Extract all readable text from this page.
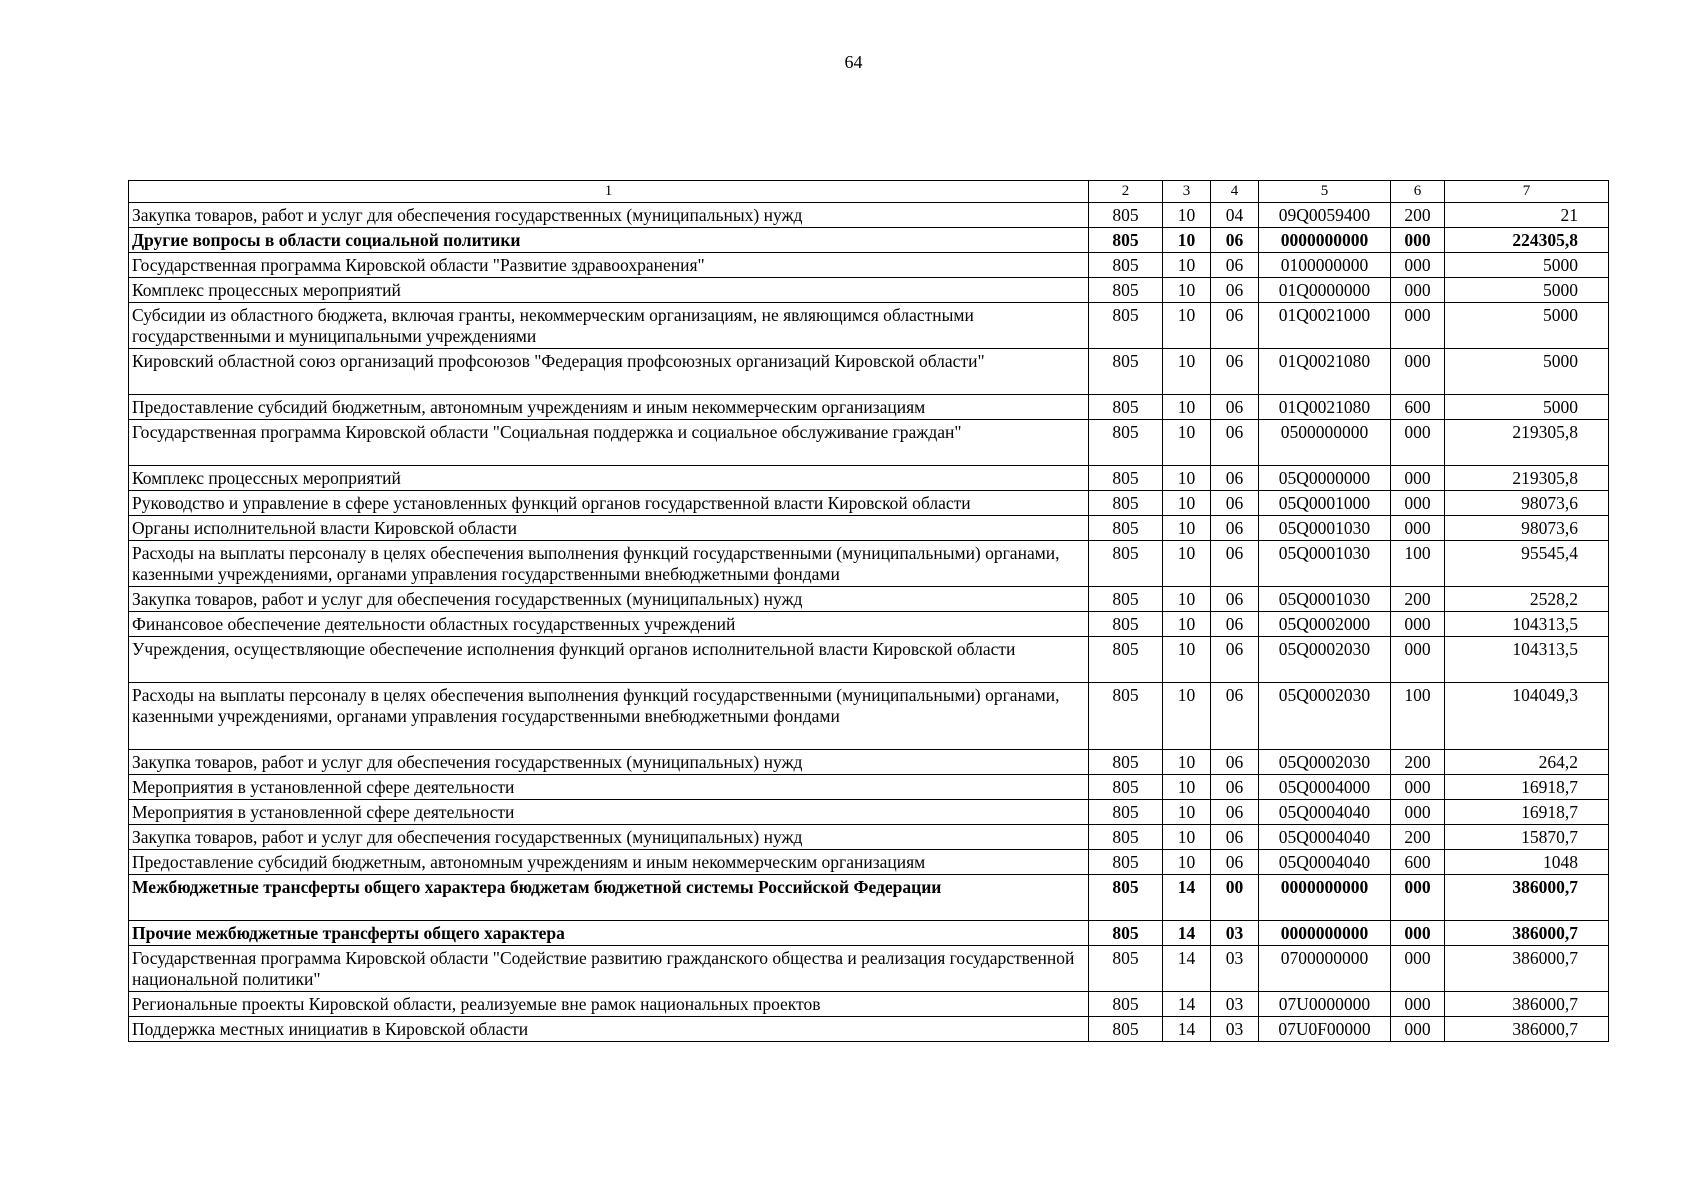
64
1	2	3	4	5	6	7
Закупка товаров, работ и услуг для обеспечения государственных (муниципальных) нужд	805	10	04	09Q0059400	200	21
Другие вопросы в области социальной политики	805	10	06	0000000000	000	224305,8
Государственная программа Кировской области "Развитие здравоохранения"	805	10	06	0100000000	000	5000
Комплекс процессных мероприятий	805	10	06	01Q0000000	000	5000
Субсидии из областного бюджета, включая гранты, некоммерческим организациям, не являющимся областными государственными и муниципальными учреждениями	805	10	06	01Q0021000	000	5000
Кировский областной союз организаций профсоюзов "Федерация профсоюзных организаций Кировской области"	805	10	06	01Q0021080	000	5000
Предоставление субсидий бюджетным, автономным учреждениям и иным некоммерческим организациям	805	10	06	01Q0021080	600	5000
Государственная программа Кировской области "Социальная поддержка и социальное обслуживание граждан"	805	10	06	0500000000	000	219305,8
Комплекс процессных мероприятий	805	10	06	05Q0000000	000	219305,8
Руководство и управление в сфере установленных функций органов государственной власти Кировской области	805	10	06	05Q0001000	000	98073,6
Органы исполнительной власти Кировской области	805	10	06	05Q0001030	000	98073,6
Расходы на выплаты персоналу в целях обеспечения выполнения функций государственными (муниципальными) органами, казенными учреждениями, органами управления государственными внебюджетными фондами	805	10	06	05Q0001030	100	95545,4
Закупка товаров, работ и услуг для обеспечения государственных (муниципальных) нужд	805	10	06	05Q0001030	200	2528,2
Финансовое обеспечение деятельности областных государственных учреждений	805	10	06	05Q0002000	000	104313,5
Учреждения, осуществляющие обеспечение исполнения функций органов исполнительной власти Кировской области	805	10	06	05Q0002030	000	104313,5
Расходы на выплаты персоналу в целях обеспечения выполнения функций государственными (муниципальными) органами, казенными учреждениями, органами управления государственными внебюджетными фондами	805	10	06	05Q0002030	100	104049,3
Закупка товаров, работ и услуг для обеспечения государственных (муниципальных) нужд	805	10	06	05Q0002030	200	264,2
Мероприятия в установленной сфере деятельности	805	10	06	05Q0004000	000	16918,7
Мероприятия в установленной сфере деятельности	805	10	06	05Q0004040	000	16918,7
Закупка товаров, работ и услуг для обеспечения государственных (муниципальных) нужд	805	10	06	05Q0004040	200	15870,7
Предоставление субсидий бюджетным, автономным учреждениям и иным некоммерческим организациям	805	10	06	05Q0004040	600	1048
Межбюджетные трансферты общего характера бюджетам бюджетной системы Российской Федерации	805	14	00	0000000000	000	386000,7
Прочие межбюджетные трансферты общего характера	805	14	03	0000000000	000	386000,7
Государственная программа Кировской области "Содействие развитию гражданского общества и реализация государственной национальной политики"	805	14	03	0700000000	000	386000,7
Региональные проекты Кировской области, реализуемые вне рамок национальных проектов	805	14	03	07U0000000	000	386000,7
Поддержка местных инициатив в Кировской области	805	14	03	07U0F00000	000	386000,7
